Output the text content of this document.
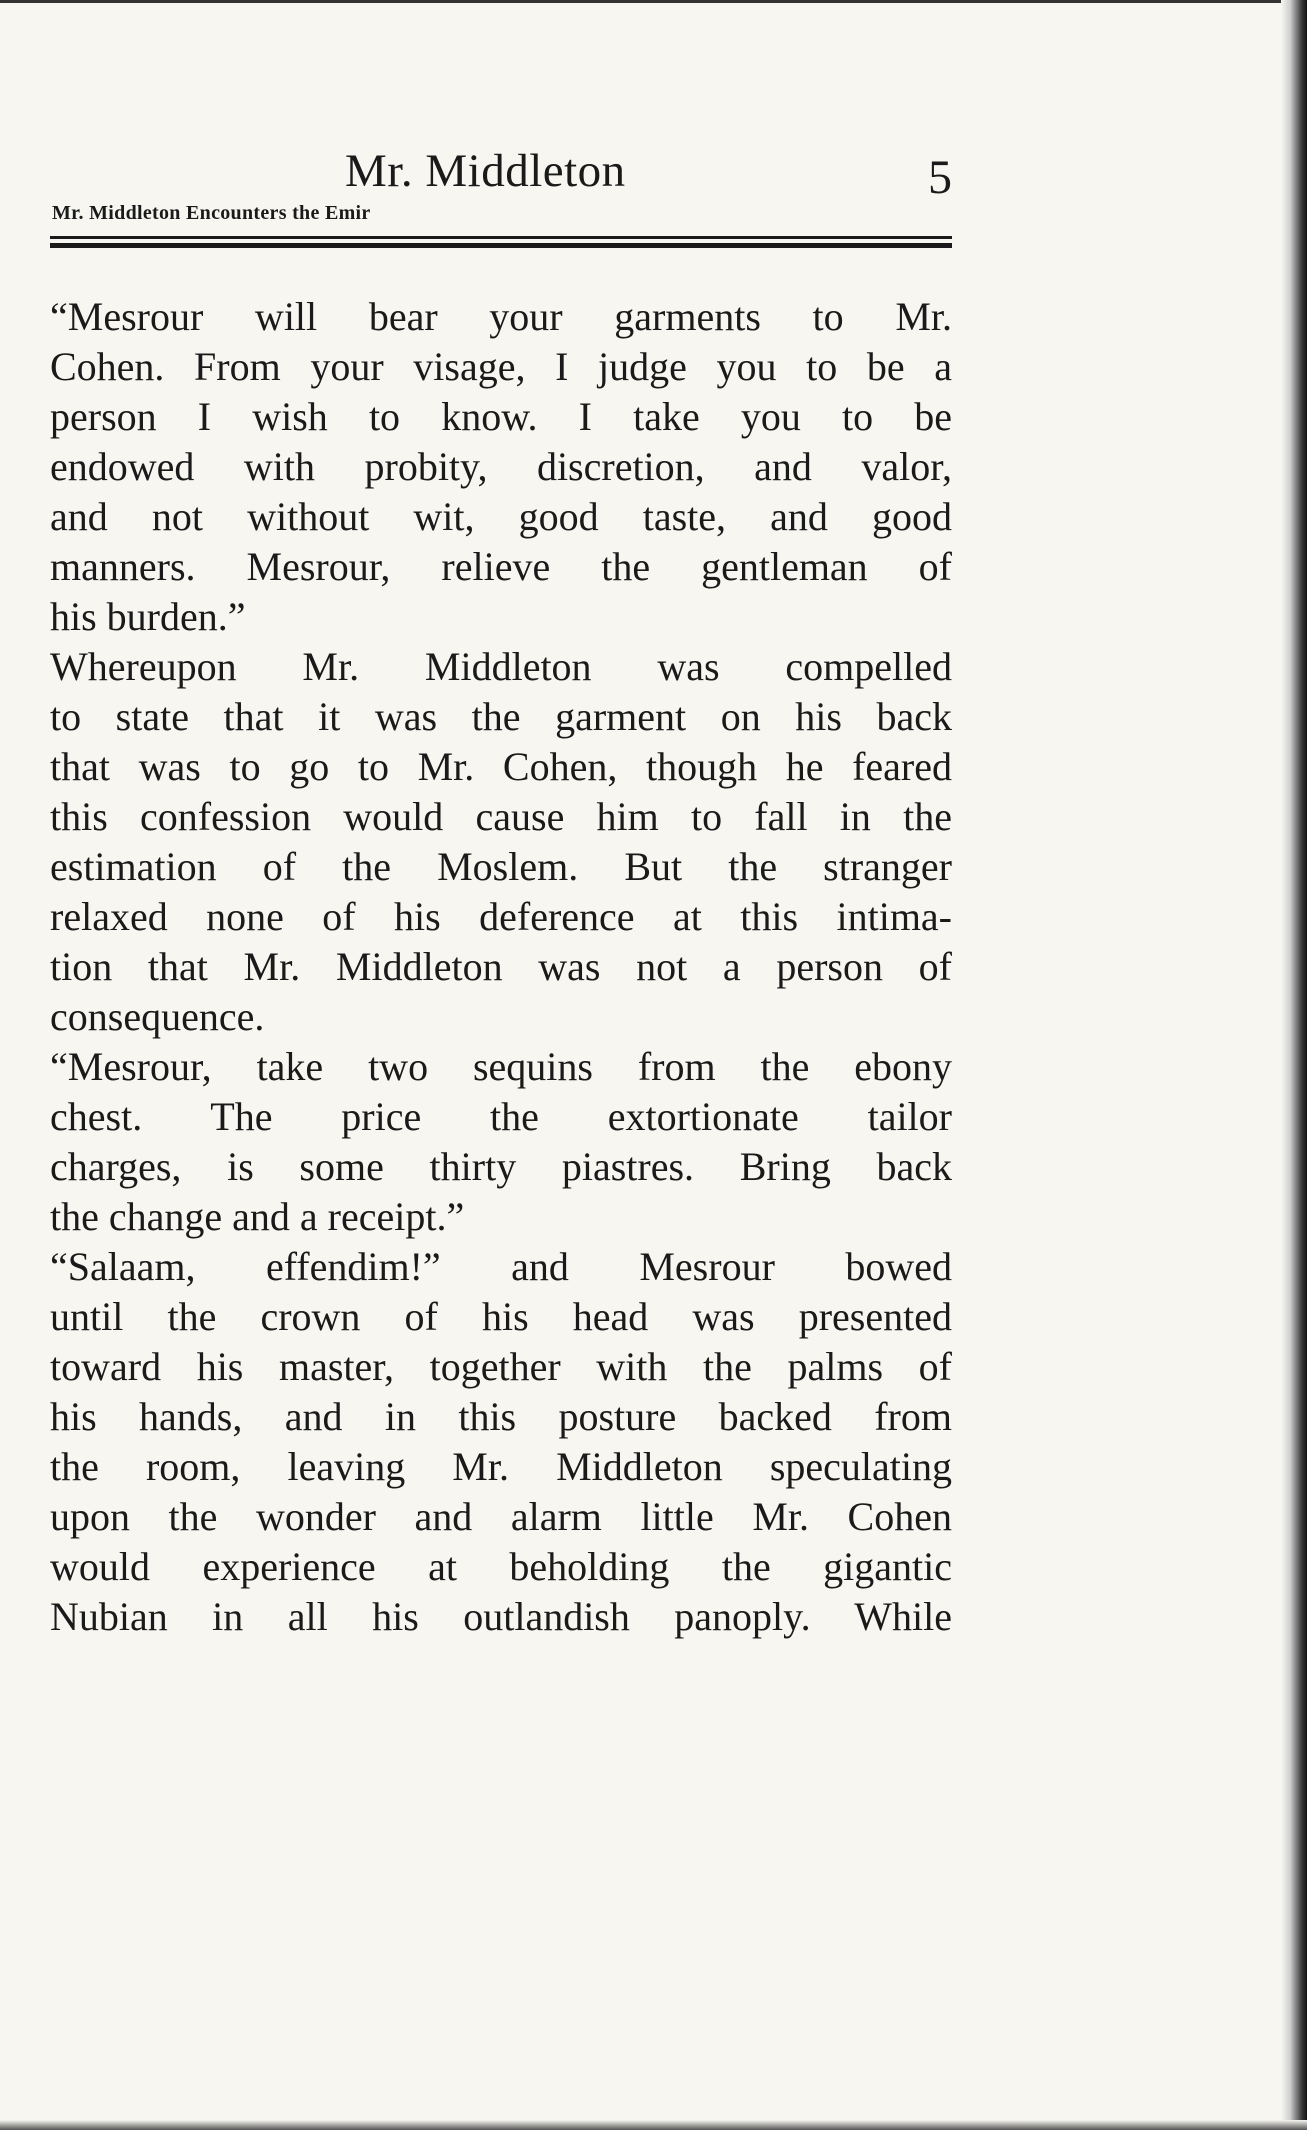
Mr. Middleton	5
Mr. Middleton Encounters the Emir
“Mesrour will bear your garments to Mr.
Cohen. From your visage, I judge you to be a
person I wish to know. I take you to be
endowed with probity, discretion, and valor,
and not without wit, good taste, and good
manners. Mesrour, relieve the gentleman of
his burden.”
Whereupon Mr. Middleton was compelled
to state that it was the garment on his back
that was to go to Mr. Cohen, though he feared
this confession would cause him to fall in the
estimation of the Moslem. But the stranger
relaxed none of his deference at this intima-
tion that Mr. Middleton was not a person of
consequence.
“Mesrour, take two sequins from the ebony
chest. The price the extortionate tailor
charges, is some thirty piastres. Bring back
the change and a receipt.”
“Salaam, effendim!” and Mesrour bowed
until the crown of his head was presented
toward his master, together with the palms of
his hands, and in this posture backed from
the room, leaving Mr. Middleton speculating
upon the wonder and alarm little Mr. Cohen
would experience at beholding the gigantic
Nubian in all his outlandish panoply. While
